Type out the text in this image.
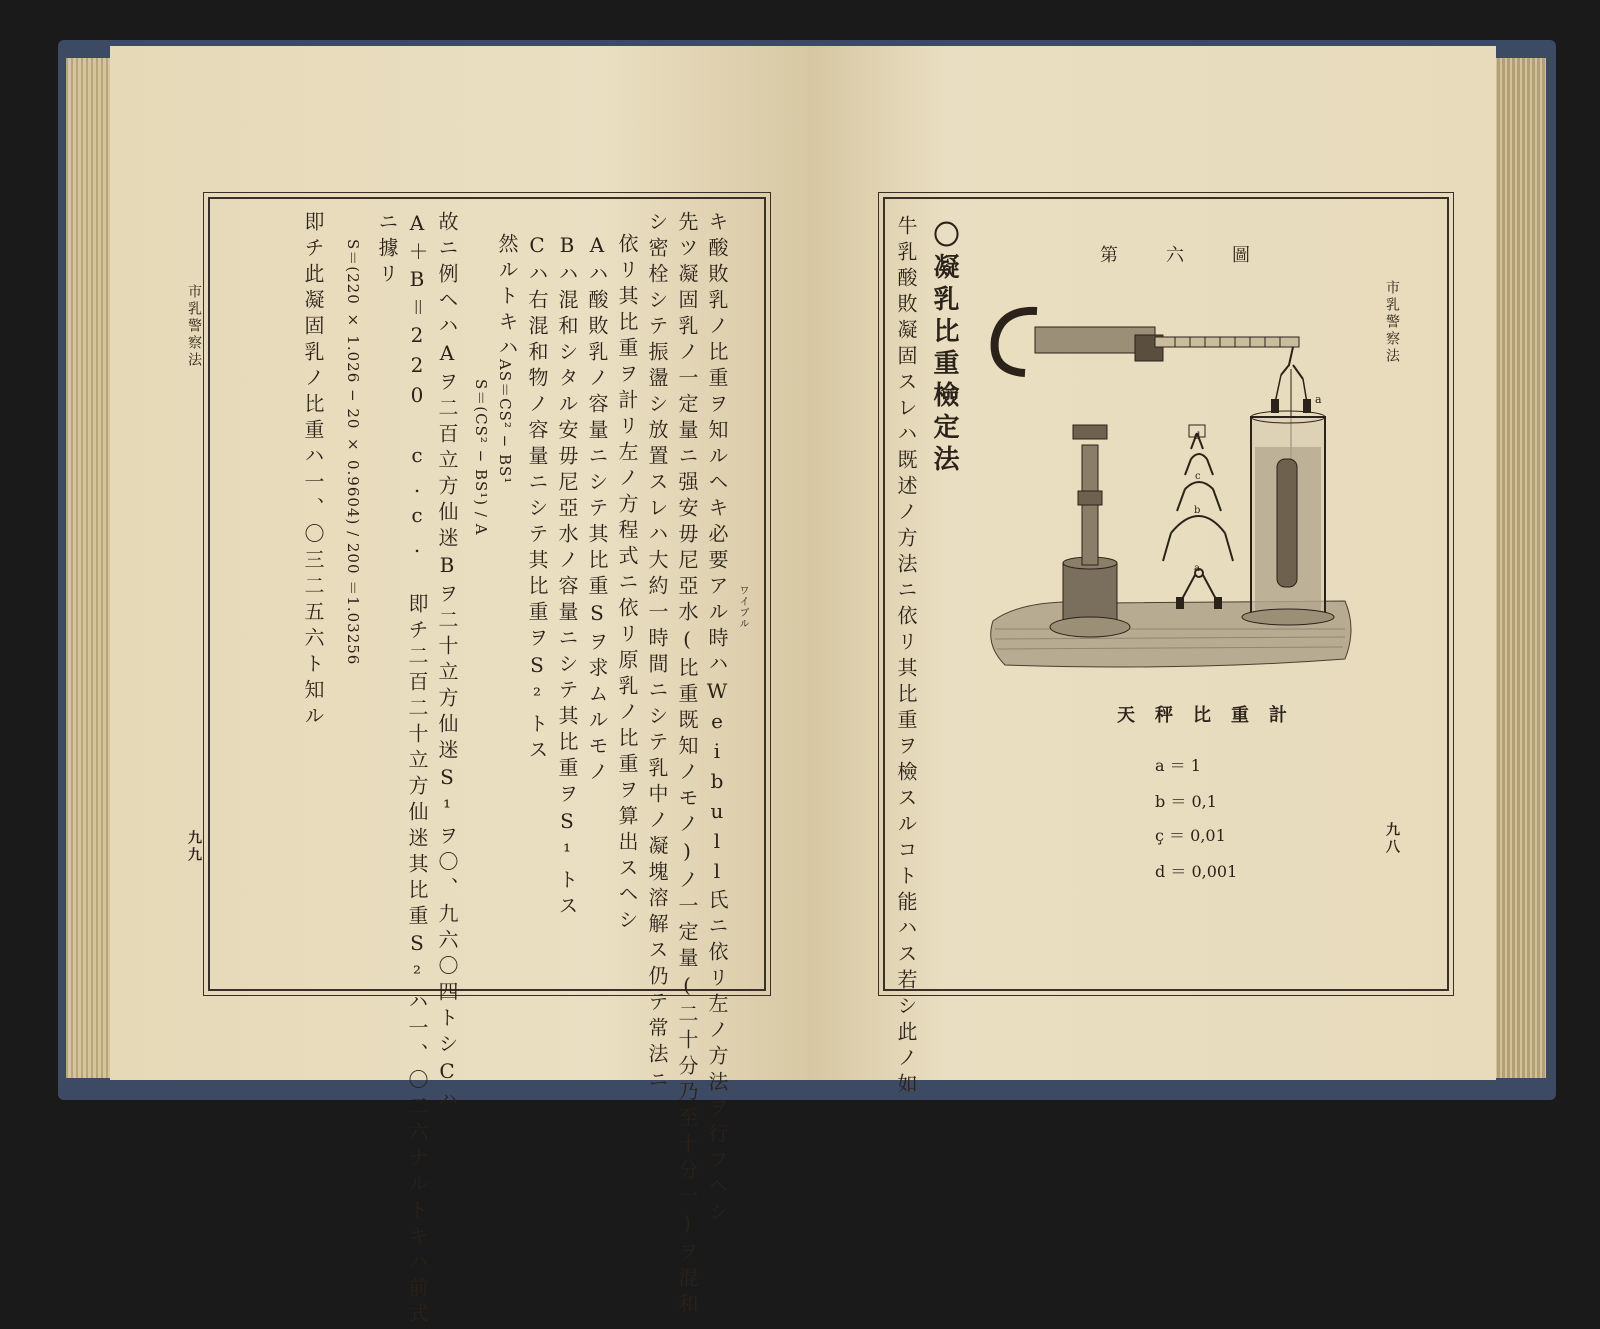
市乳警察法
九九	キ酸敗乳ノ比重ヲ知ルヘキ必要アル時ハWeibull氏ニ依リ左ノ方法ヲ行フヘシ
先ツ凝固乳ノ一定量ニ强安毋尼亞水(比重既知ノモノ)ノ一定量(二十分乃至十分一)ヲ混和
シ密栓シテ振盪シ放置スレハ大約一時間ニシテ乳中ノ凝塊溶解ス仍テ常法ニ
依リ其比重ヲ計リ左ノ方程式ニ依リ原乳ノ比重ヲ算出スヘシ
Aハ酸敗乳ノ容量ニシテ其比重Sヲ求ムルモノ
Bハ混和シタル安毋尼亞水ノ容量ニシテ其比重ヲS¹トス
Cハ右混和物ノ容量ニシテ其比重ヲS²トス
然ルトキハ
AS＝CS² − BS¹
S＝(CS² − BS¹) / A
故ニ例ヘハAヲ二百立方仙迷Bヲ二十立方仙迷S¹ヲ〇、九六〇四トシCハ
A＋B＝220 c.c. 即チ二百二十立方仙迷其比重S²ハ一、〇二六ナルトキハ前式
ニ據リ
S＝(220 × 1.026 − 20 × 0.9604) / 200 ＝1.03256
即チ此凝固乳ノ比重ハ一、〇三二五六ト知ル	ワイブル
市乳警察法
九八
〇凝乳比重檢定法
牛乳酸敗凝固スレハ既述ノ方法ニ依リ其比重ヲ檢スルコト能ハス若シ此ノ如	第六圖
d
c
b
a
a
天秤比重計
a ＝ 1
b ＝ 0,1
ç ＝ 0,01
d ＝ 0,001
